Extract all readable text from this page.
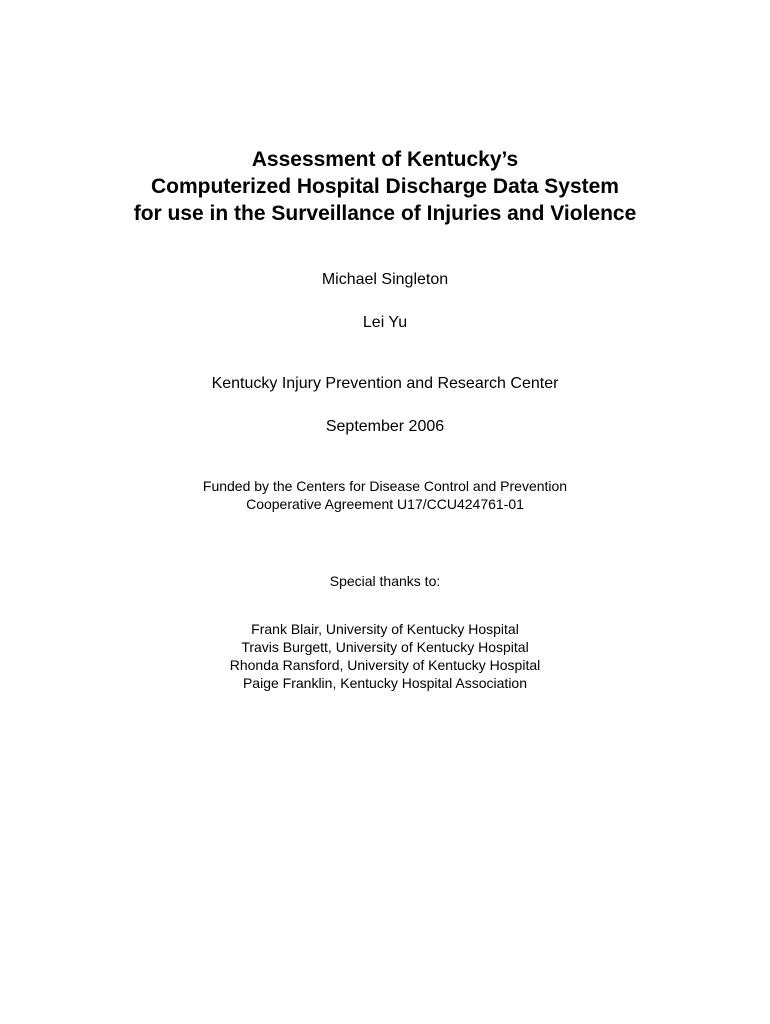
Assessment of Kentucky’s
Computerized Hospital Discharge Data System
for use in the Surveillance of Injuries and Violence
Michael Singleton
Lei Yu
Kentucky Injury Prevention and Research Center
September 2006
Funded by the Centers for Disease Control and Prevention
Cooperative Agreement U17/CCU424761-01
Special thanks to:
Frank Blair, University of Kentucky Hospital
Travis Burgett, University of Kentucky Hospital
Rhonda Ransford, University of Kentucky Hospital
Paige Franklin, Kentucky Hospital Association
